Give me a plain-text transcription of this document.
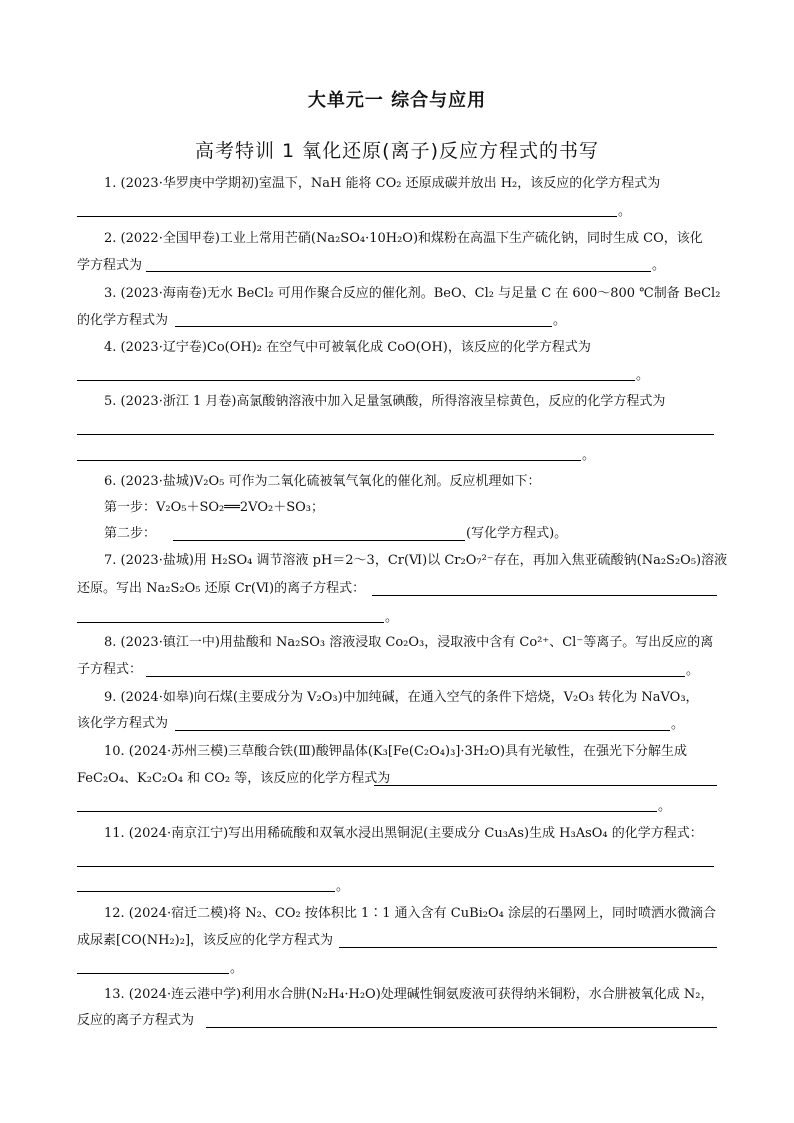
大单元一 综合与应用
高考特训 1 氧化还原(离子)反应方程式的书写
1. (2023·华罗庚中学期初)室温下，NaH 能将 CO₂ 还原成碳并放出 H₂，该反应的化学方程式为
。
2. (2022·全国甲卷)工业上常用芒硝(Na₂SO₄·10H₂O)和煤粉在高温下生产硫化钠，同时生成 CO，该化
学方程式为	。
3. (2023·海南卷)无水 BeCl₂ 可用作聚合反应的催化剂。BeO、Cl₂ 与足量 C 在 600～800 ℃制备 BeCl₂
的化学方程式为	。
4. (2023·辽宁卷)Co(OH)₂ 在空气中可被氧化成 CoO(OH)，该反应的化学方程式为
。
5. (2023·浙江 1 月卷)高氯酸钠溶液中加入足量氢碘酸，所得溶液呈棕黄色，反应的化学方程式为
。
6. (2023·盐城)V₂O₅ 可作为二氧化硫被氧气氧化的催化剂。反应机理如下：
第一步：V₂O₅＋SO₂══2VO₂＋SO₃；
第二步：	(写化学方程式)。
7. (2023·盐城)用 H₂SO₄ 调节溶液 pH＝2～3，Cr(Ⅵ)以 Cr₂O₇²⁻存在，再加入焦亚硫酸钠(Na₂S₂O₅)溶液
还原。写出 Na₂S₂O₅ 还原 Cr(Ⅵ)的离子方程式：
。
8. (2023·镇江一中)用盐酸和 Na₂SO₃ 溶液浸取 Co₂O₃，浸取液中含有 Co²⁺、Cl⁻等离子。写出反应的离
子方程式：	。
9. (2024·如皋)向石煤(主要成分为 V₂O₃)中加纯碱，在通入空气的条件下焙烧，V₂O₃ 转化为 NaVO₃，
该化学方程式为	。
10. (2024·苏州三模)三草酸合铁(Ⅲ)酸钾晶体(K₃[Fe(C₂O₄)₃]·3H₂O)具有光敏性，在强光下分解生成
FeC₂O₄、K₂C₂O₄ 和 CO₂ 等，该反应的化学方程式为
。
11. (2024·南京江宁)写出用稀硫酸和双氧水浸出黑铜泥(主要成分 Cu₃As)生成 H₃AsO₄ 的化学方程式：
。
12. (2024·宿迁二模)将 N₂、CO₂ 按体积比 1∶1 通入含有 CuBi₂O₄ 涂层的石墨网上，同时喷洒水微滴合
成尿素[CO(NH₂)₂]，该反应的化学方程式为
。
13. (2024·连云港中学)利用水合肼(N₂H₄·H₂O)处理碱性铜氨废液可获得纳米铜粉，水合肼被氧化成 N₂，
反应的离子方程式为
